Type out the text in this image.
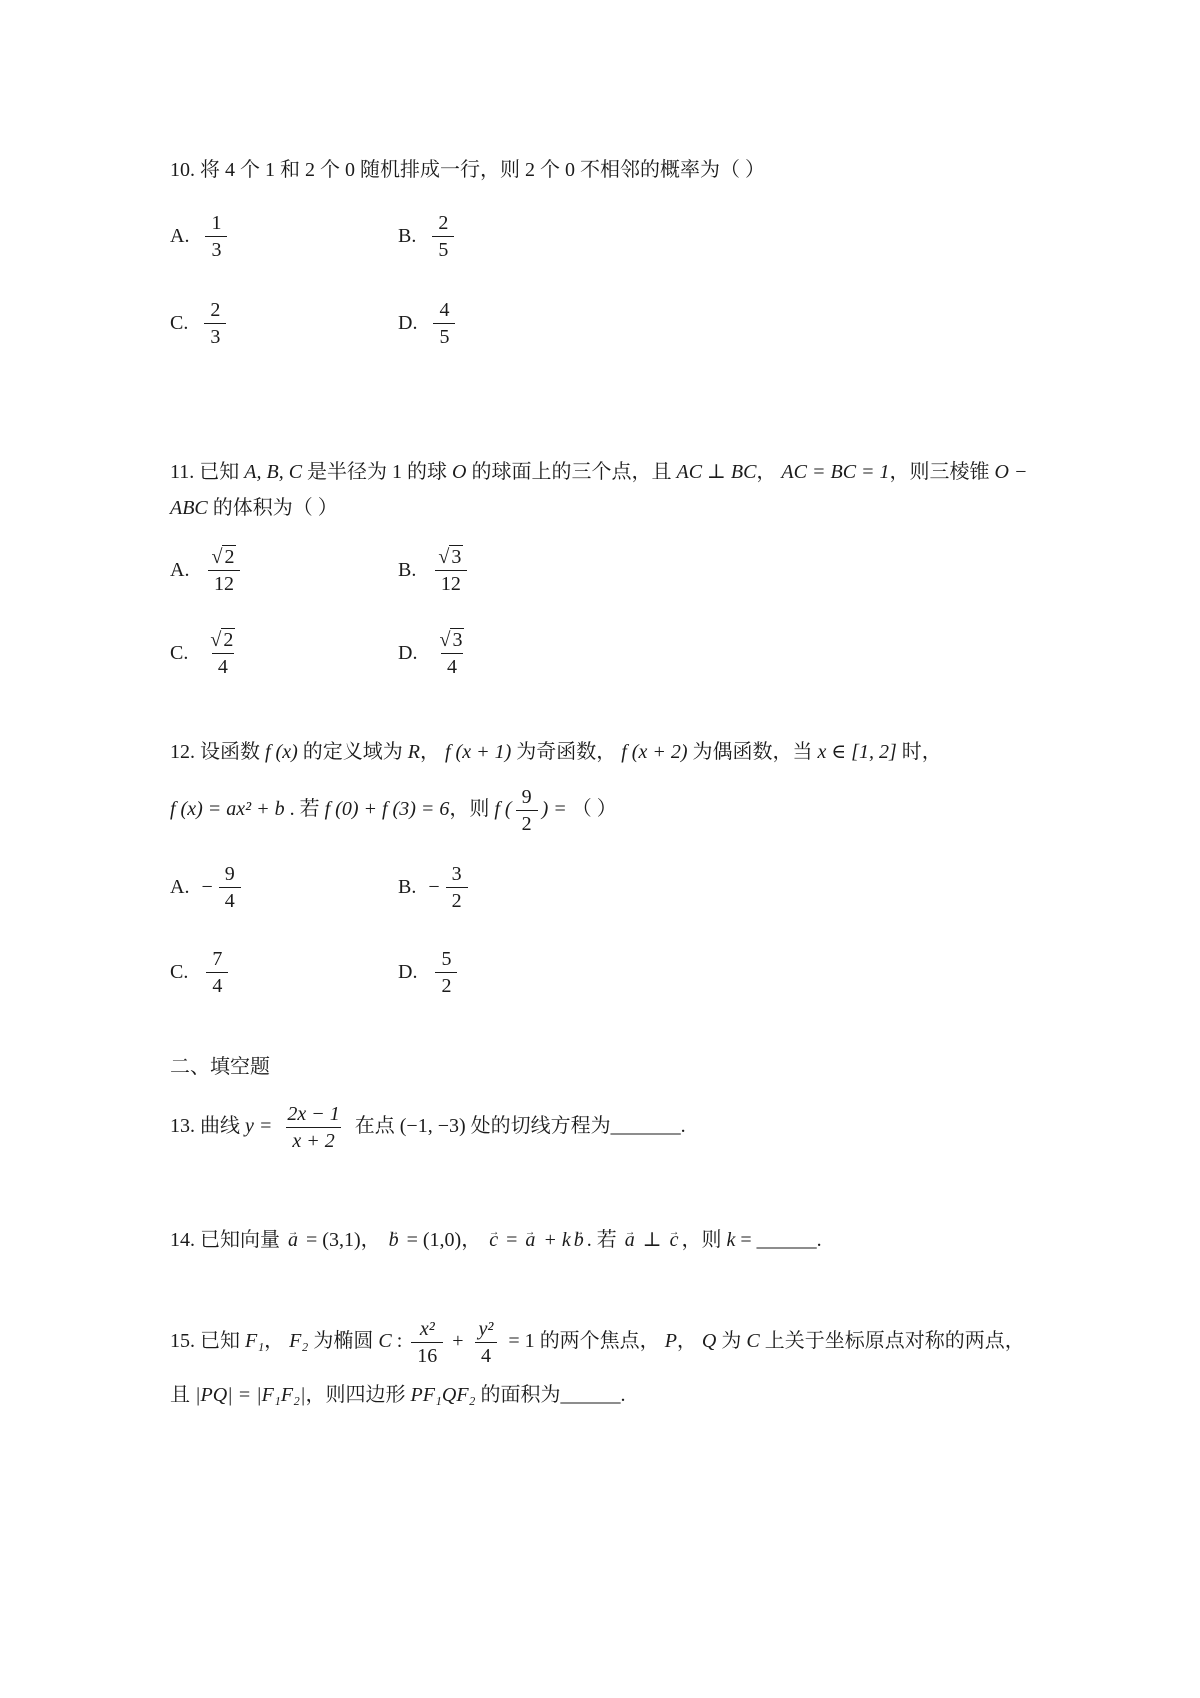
10. 将 4 个 1 和 2 个 0 随机排成一行，则 2 个 0 不相邻的概率为（ ）

A. $\frac{1}{3}$	B. $\frac{2}{5}$
C. $\frac{2}{3}$	D. $\frac{4}{5}$

11. 已知 A, B, C 是半径为 1 的球 O 的球面上的三个点，且 AC ⊥ BC， AC = BC = 1，则三棱锥 O − ABC 的体积为（ ）

A. $\frac{√ 2}{12}$	B. $\frac{√ 3}{12}$
C. $\frac{√ 2}{4}$	D. $\frac{√ 3}{4}$

12. 设函数 f (x) 的定义域为 R， f (x + 1) 为奇函数， f (x + 2) 为偶函数，当 x ∈ [1, 2] 时，

f (x) = ax² + b . 若 f (0) + f (3) = 6，则 f ( $\frac{9}{2}$ ) = （ ）

A. − $\frac{9}{4}$	B. − $\frac{3}{2}$
C. $\frac{7}{4}$	D. $\frac{5}{2}$

二、填空题

13. 曲线 $y = \frac{2x - 1}{x + 2}$ 在点 (−1, −3) 处的切线方程为_______.

14. 已知向量 a → = (3,1)， b → = (1,0)， c → = a → + k b → . 若 a → ⊥ c → ，则 k = ______.

15. 已知 F₁， F₂ 为椭圆 C : $\frac{\text{x²}}{16} + \frac{\text{y²}}{4} = 1$ 的两个焦点， P， Q 为 C 上关于坐标原点对称的两点，

且 |PQ| = |F₁F₂|，则四边形 PF₁QF₂ 的面积为______.
